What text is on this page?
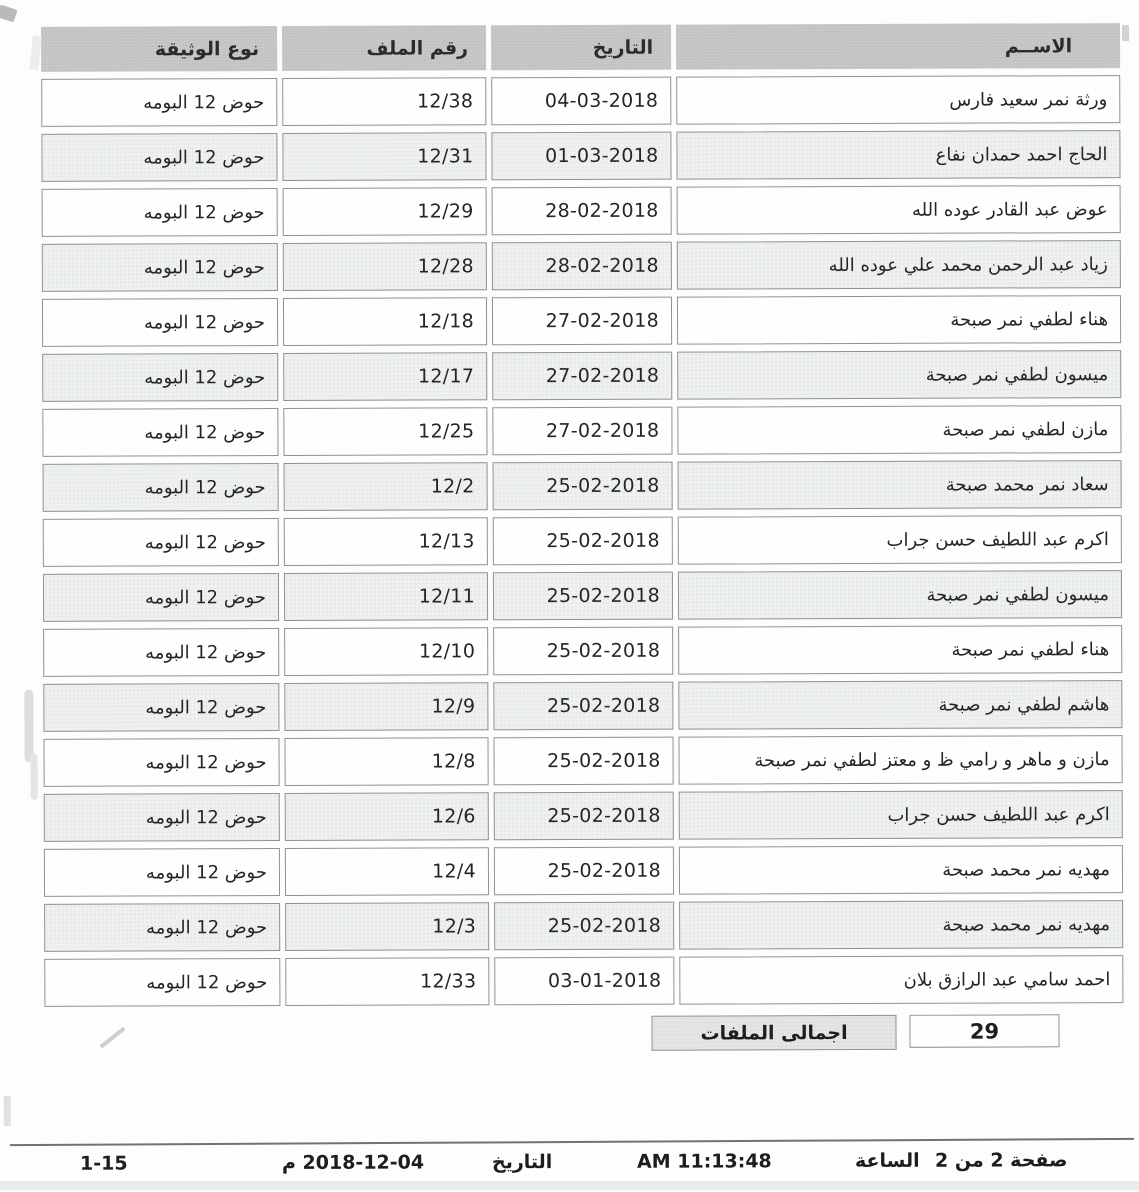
الاســم
التاريخ
رقم الملف
نوع الوثيقة
ورثة نمر سعيد فارس
04-03-2018
12/38
حوض 12 البومه
الحاج احمد حمدان نفاع
01-03-2018
12/31
حوض 12 البومه
عوض عبد القادر عوده الله
28-02-2018
12/29
حوض 12 البومه
زياد عبد الرحمن محمد علي عوده الله
28-02-2018
12/28
حوض 12 البومه
هناء لطفي نمر صبحة
27-02-2018
12/18
حوض 12 البومه
ميسون لطفي نمر صبحة
27-02-2018
12/17
حوض 12 البومه
مازن لطفي نمر صبحة
27-02-2018
12/25
حوض 12 البومه
سعاد نمر محمد صبحة
25-02-2018
12/2
حوض 12 البومه
اكرم عبد اللطيف حسن جراب
25-02-2018
12/13
حوض 12 البومه
ميسون لطفي نمر صبحة
25-02-2018
12/11
حوض 12 البومه
هناء لطفي نمر صبحة
25-02-2018
12/10
حوض 12 البومه
هاشم لطفي نمر صبحة
25-02-2018
12/9
حوض 12 البومه
مازن و ماهر و رامي ظ و معتز لطفي نمر صبحة
25-02-2018
12/8
حوض 12 البومه
اكرم عبد اللطيف حسن جراب
25-02-2018
12/6
حوض 12 البومه
مهديه نمر محمد صبحة
25-02-2018
12/4
حوض 12 البومه
مهديه نمر محمد صبحة
25-02-2018
12/3
حوض 12 البومه
احمد سامي عبد الرازق بلان
03-01-2018
12/33
حوض 12 البومه
اجمالى الملفات	29
صفحة 2 من 2
الساعة
11:13:48 AM
التاريخ
2018-12-04 م
1-15
